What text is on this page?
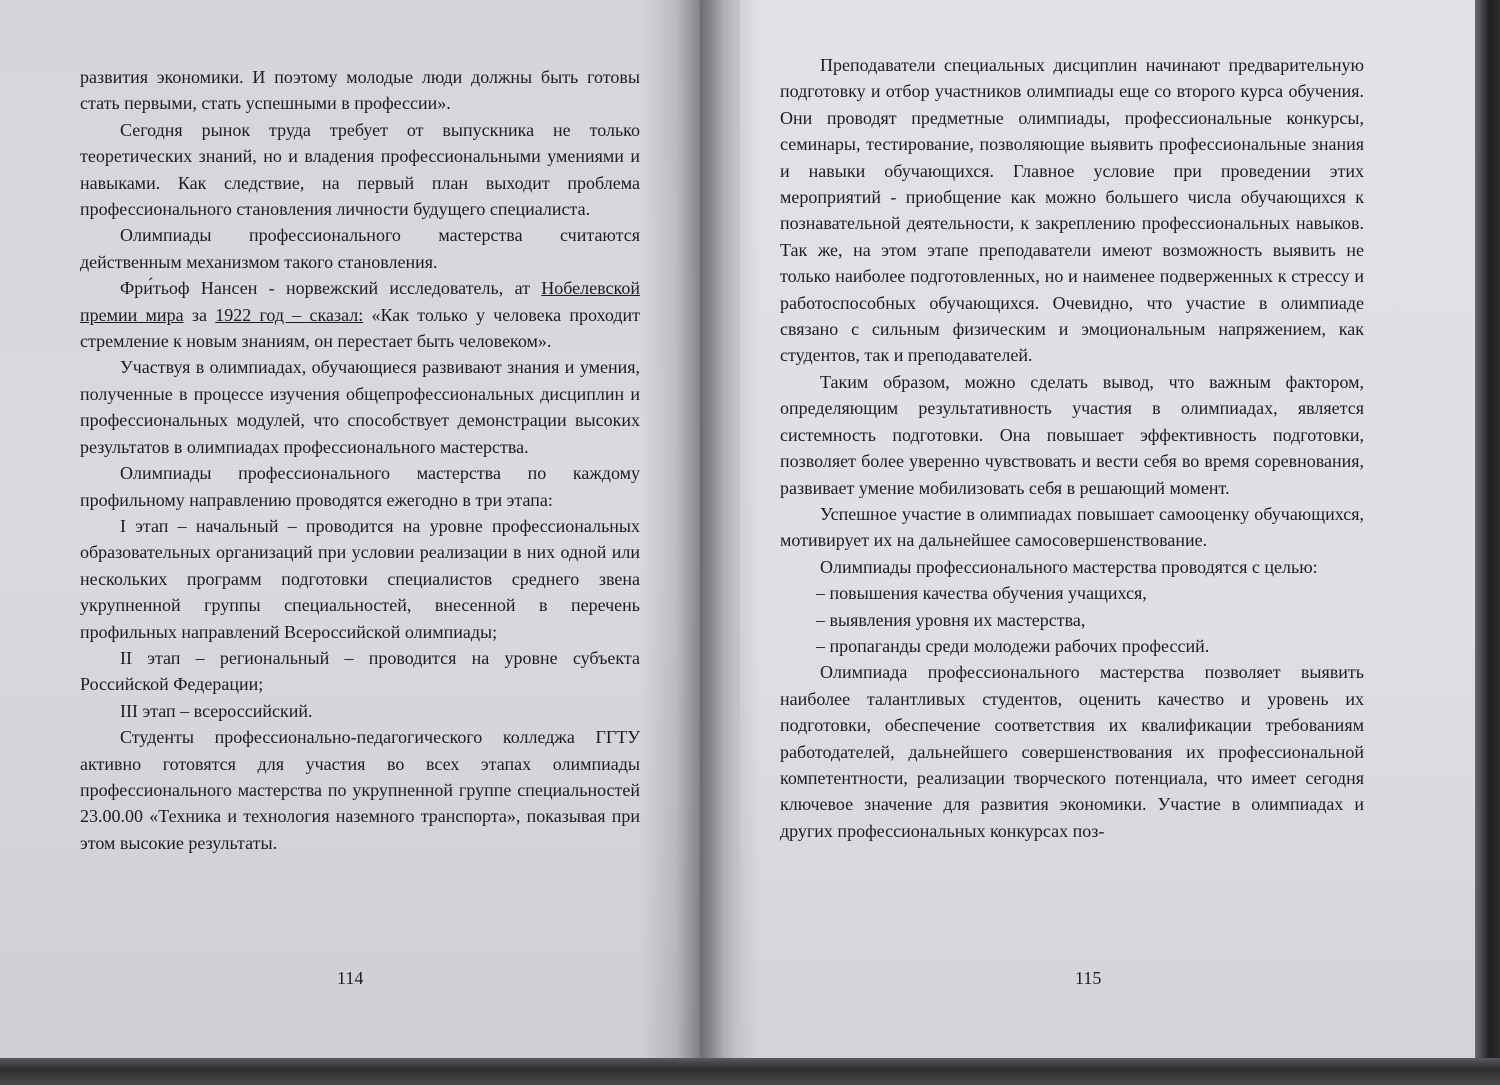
развития экономики. И поэтому молодые люди должны быть готовы стать первыми, стать успешными в профессии».

Сегодня рынок труда требует от выпускника не только теоретических знаний, но и владения профессиональными умениями и навыками. Как следствие, на первый план выходит проблема профессионального становления личности будущего специалиста.

Олимпиады профессионального мастерства считаются действенным механизмом такого становления.

Фри́тьоф Нансен - норвежский исследователь, ат Нобелевской премии мира за 1922 год – сказал: «Как только у человека проходит стремление к новым знаниям, он перестает быть человеком».

Участвуя в олимпиадах, обучающиеся развивают знания и умения, полученные в процессе изучения общепрофессиональных дисциплин и профессиональных модулей, что способствует демонстрации высоких результатов в олимпиадах профессионального мастерства.

Олимпиады профессионального мастерства по каждому профильному направлению проводятся ежегодно в три этапа:

I этап – начальный – проводится на уровне профессиональных образовательных организаций при условии реализации в них одной или нескольких программ подготовки специалистов среднего звена укрупненной группы специальностей, внесенной в перечень профильных направлений Всероссийской олимпиады;

II этап – региональный – проводится на уровне субъекта Российской Федерации;

III этап – всероссийский.

Студенты профессионально-педагогического колледжа ГГТУ активно готовятся для участия во всех этапах олимпиады профессионального мастерства по укрупненной группе специальностей 23.00.00 «Техника и технология наземного транспорта», показывая при этом высокие результаты.

114

Преподаватели специальных дисциплин начинают предварительную подготовку и отбор участников олимпиады еще со второго курса обучения. Они проводят предметные олимпиады, профессиональные конкурсы, семинары, тестирование, позволяющие выявить профессиональные знания и навыки обучающихся. Главное условие при проведении этих мероприятий - приобщение как можно большего числа обучающихся к познавательной деятельности, к закреплению профессиональных навыков. Так же, на этом этапе преподаватели имеют возможность выявить не только наиболее подготовленных, но и наименее подверженных к стрессу и работоспособных обучающихся. Очевидно, что участие в олимпиаде связано с сильным физическим и эмоциональным напряжением, как студентов, так и преподавателей.

Таким образом, можно сделать вывод, что важным фактором, определяющим результативность участия в олимпиадах, является системность подготовки. Она повышает эффективность подготовки, позволяет более уверенно чувствовать и вести себя во время соревнования, развивает умение мобилизовать себя в решающий момент.

Успешное участие в олимпиадах повышает самооценку обучающихся, мотивирует их на дальнейшее самосовершенствование.

Олимпиады профессионального мастерства проводятся с целью:

– повышения качества обучения учащихся,

– выявления уровня их мастерства,

– пропаганды среди молодежи рабочих профессий.

Олимпиада профессионального мастерства позволяет выявить наиболее талантливых студентов, оценить качество и уровень их подготовки, обеспечение соответствия их квалификации требованиям работодателей, дальнейшего совершенствования их профессиональной компетентности, реализации творческого потенциала, что имеет сегодня ключевое значение для развития экономики. Участие в олимпиадах и других профессиональных конкурсах поз-

115
